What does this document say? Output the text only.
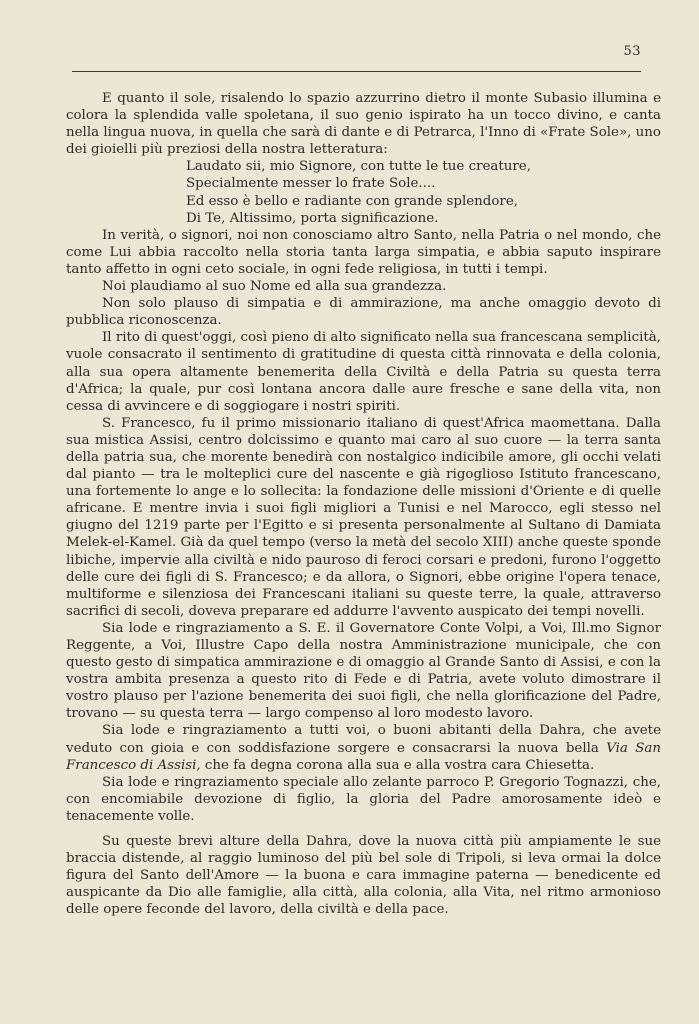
53

E quanto il sole, risalendo lo spazio azzurrino dietro il monte Subasio illumina e colora la splendida valle spoletana, il suo genio ispirato ha un tocco divino, e canta nella lingua nuova, in quella che sarà di dante e di Petrarca, l'Inno di «Frate Sole», uno dei gioielli più preziosi della nostra letteratura:

Laudato sii, mio Signore, con tutte le tue creature,
Specialmente messer lo frate Sole....
Ed esso è bello e radiante con grande splendore,
Di Te, Altissimo, porta significazione.

In verità, o signori, noi non conosciamo altro Santo, nella Patria o nel mondo, che come Lui abbia raccolto nella storia tanta larga simpatia, e abbia saputo inspirare tanto affetto in ogni ceto sociale, in ogni fede religiosa, in tutti i tempi.

Noi plaudiamo al suo Nome ed alla sua grandezza.

Non solo plauso di simpatia e di ammirazione, ma anche omaggio devoto di pubblica riconoscenza.

Il rito di quest'oggi, così pieno di alto significato nella sua francescana semplicità, vuole consacrato il sentimento di gratitudine di questa città rinnovata e della colonia, alla sua opera altamente benemerita della Civiltà e della Patria su questa terra d'Africa; la quale, pur così lontana ancora dalle aure fresche e sane della vita, non cessa di avvincere e di soggiogare i nostri spiriti.

S. Francesco, fu il primo missionario italiano di quest'Africa maomettana. Dalla sua mistica Assisi, centro dolcissimo e quanto mai caro al suo cuore — la terra santa della patria sua, che morente benedirà con nostalgico indicibile amore, gli occhi velati dal pianto — tra le molteplici cure del nascente e già rigoglioso Istituto francescano, una fortemente lo ange e lo sollecita: la fondazione delle missioni d'Oriente e di quelle africane. E mentre invia i suoi figli migliori a Tunisi e nel Marocco, egli stesso nel giugno del 1219 parte per l'Egitto e si presenta personalmente al Sultano di Damiata Melek-el-Kamel. Già da quel tempo (verso la metà del secolo XIII) anche queste sponde libiche, impervie alla civiltà e nido pauroso di feroci corsari e predoni, furono l'oggetto delle cure dei figli di S. Francesco; e da allora, o Signori, ebbe origine l'opera tenace, multiforme e silenziosa dei Francescani italiani su queste terre, la quale, attraverso sacrifici di secoli, doveva preparare ed addurre l'avvento auspicato dei tempi novelli.

Sia lode e ringraziamento a S. E. il Governatore Conte Volpi, a Voi, Ill.mo Signor Reggente, a Voi, Illustre Capo della nostra Amministrazione municipale, che con questo gesto di simpatica ammirazione e di omaggio al Grande Santo di Assisi, e con la vostra ambita presenza a questo rito di Fede e di Patria, avete voluto dimostrare il vostro plauso per l'azione benemerita dei suoi figli, che nella glorificazione del Padre, trovano — su questa terra — largo compenso al loro modesto lavoro.

Sia lode e ringraziamento a tutti voi, o buoni abitanti della Dahra, che avete veduto con gioia e con soddisfazione sorgere e consacrarsi la nuova bella Via San Francesco di Assisi, che fa degna corona alla sua e alla vostra cara Chiesetta.

Sia lode e ringraziamento speciale allo zelante parroco P. Gregorio Tognazzi, che, con encomiabile devozione di figlio, la gloria del Padre amorosamente ideò e tenacemente volle.

Su queste brevi alture della Dahra, dove la nuova città più ampiamente le sue braccia distende, al raggio luminoso del più bel sole di Tripoli, si leva ormai la dolce figura del Santo dell'Amore — la buona e cara immagine paterna — benedicente ed auspicante da Dio alle famiglie, alla città, alla colonia, alla Vita, nel ritmo armonioso delle opere feconde del lavoro, della civiltà e della pace.
